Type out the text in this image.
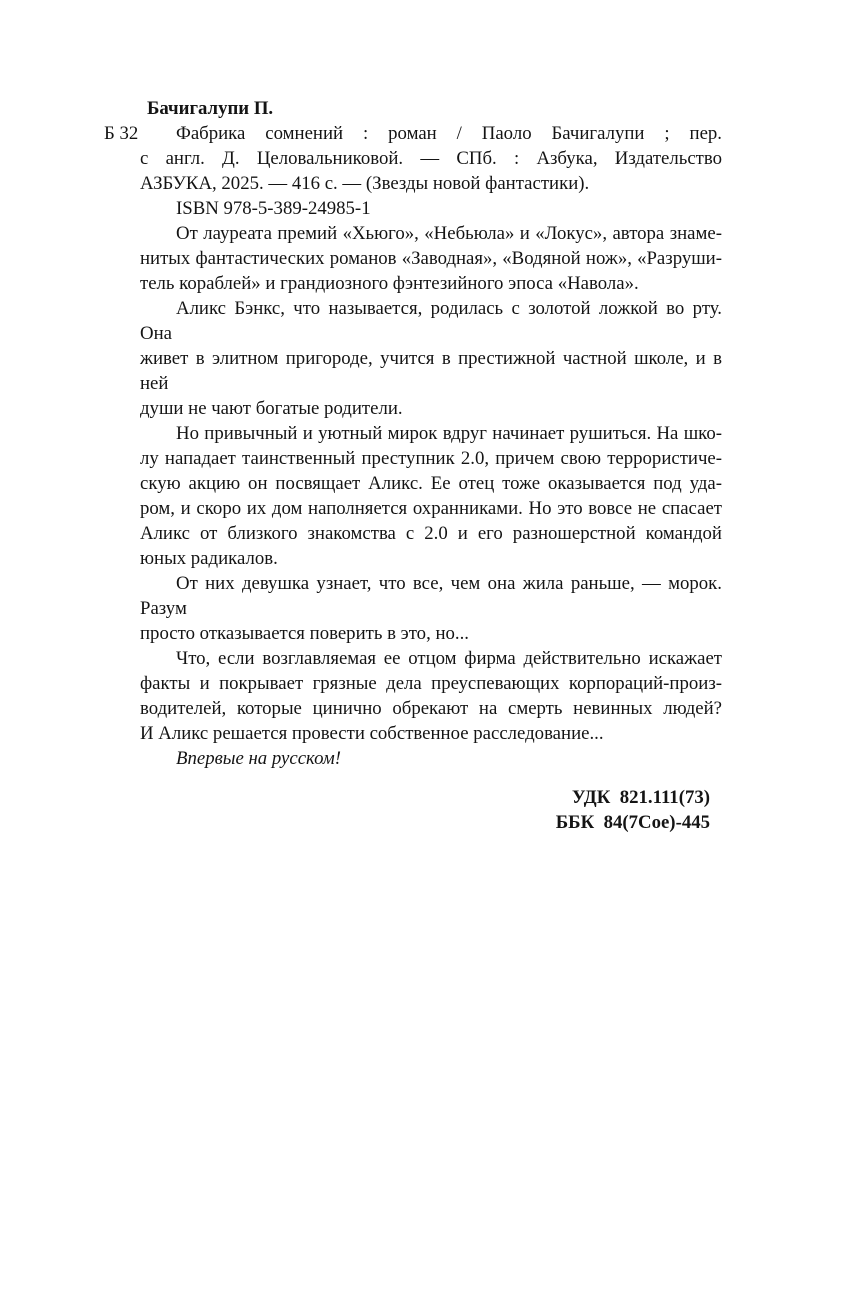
Бачигалупи П.
Б 32	Фабрика сомнений : роман / Паоло Бачигалупи ; пер.
с англ. Д. Целовальниковой. — СПб. : Азбука, Издательство
АЗБУКА, 2025. — 416 с. — (Звезды новой фантастики).
ISBN 978-5-389-24985-1
От лауреата премий «Хьюго», «Небьюла» и «Локус», автора знаме-
нитых фантастических романов «Заводная», «Водяной нож», «Разруши-
тель кораблей» и грандиозного фэнтезийного эпоса «Навола».
Аликс Бэнкс, что называется, родилась с золотой ложкой во рту. Она
живет в элитном пригороде, учится в престижной частной школе, и в ней
души не чают богатые родители.
Но привычный и уютный мирок вдруг начинает рушиться. На шко-
лу нападает таинственный преступник 2.0, причем свою террористиче-
скую акцию он посвящает Аликс. Ее отец тоже оказывается под уда-
ром, и скоро их дом наполняется охранниками. Но это вовсе не спасает
Аликс от близкого знакомства с 2.0 и его разношерстной командой
юных радикалов.
От них девушка узнает, что все, чем она жила раньше, — морок. Разум
просто отказывается поверить в это, но...
Что, если возглавляемая ее отцом фирма действительно искажает
факты и покрывает грязные дела преуспевающих корпораций-произ-
водителей, которые цинично обрекают на смерть невинных людей?
И Аликс решается провести собственное расследование...
Впервые на русском!
УДК  821.111(73)
ББК  84(7Сое)-445
